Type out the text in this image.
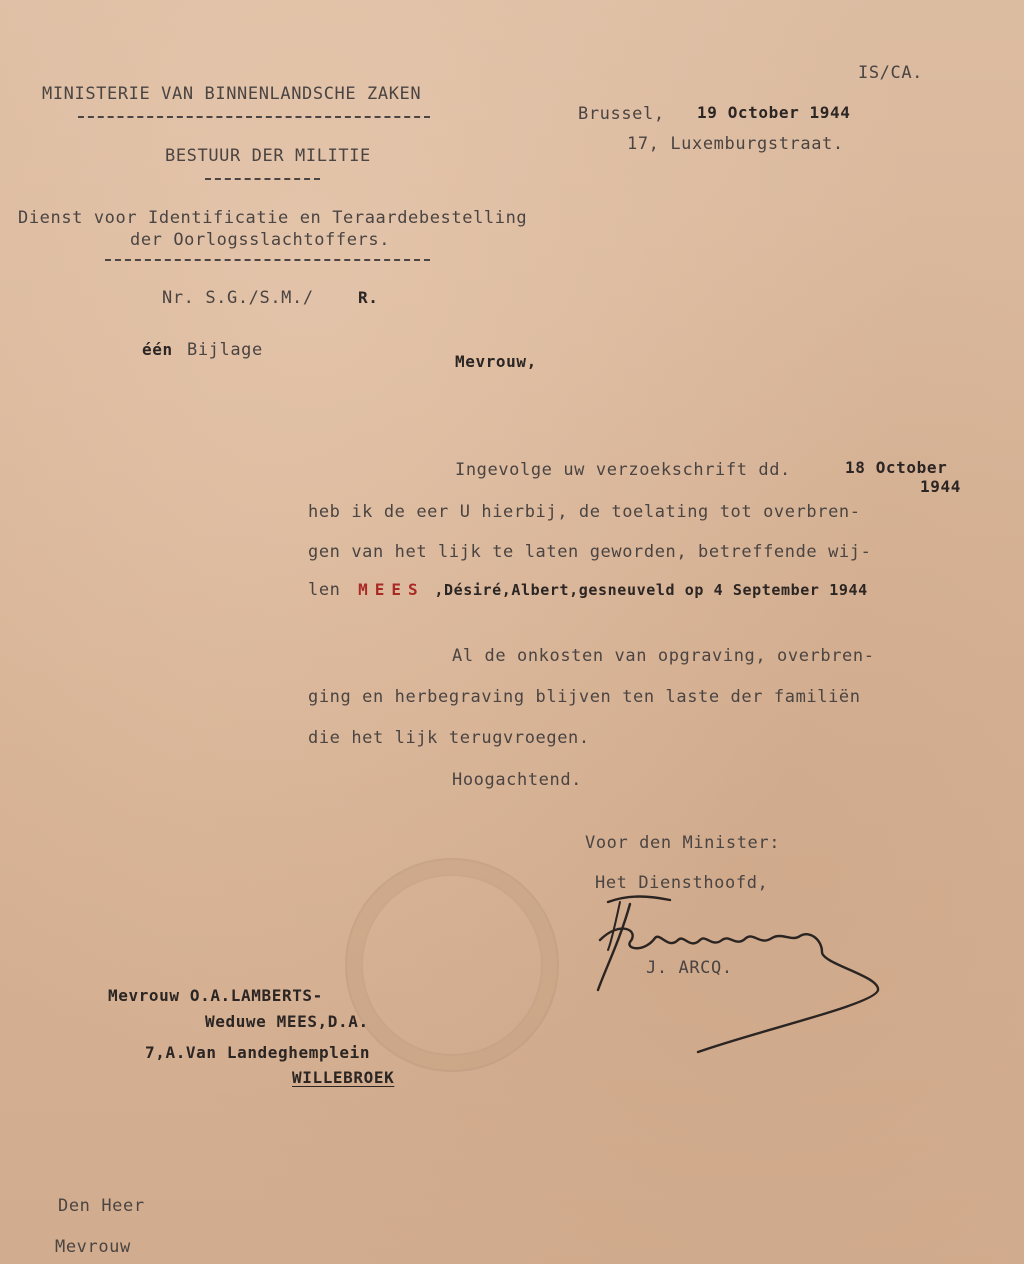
IS/CA.
MINISTERIE VAN BINNENLANDSCHE ZAKEN
BESTUUR DER MILITIE
Dienst voor Identificatie en Teraardebestelling
der Oorlogsslachtoffers.
Brussel, 19 October 1944
17, Luxemburgstraat.
Nr. S.G./S.M./	R.
één Bijlage
Mevrouw,
Ingevolge uw verzoekschrift dd.	18 October
1944
heb ik de eer U hierbij, de toelating tot overbren-
gen van het lijk te laten geworden, betreffende wij-
len MEES ,Désiré,Albert,gesneuveld op 4 September 1944
Al de onkosten van opgraving, overbren-
ging en herbegraving blijven ten laste der familiën
die het lijk terugvroegen.
Hoogachtend.
Voor den Minister:
Het Diensthoofd,
J. ARCQ.
Mevrouw O.A.LAMBERTS-
Weduwe MEES,D.A.
7,A.Van Landeghemplein
WILLEBROEK
Den Heer
Mevrouw
